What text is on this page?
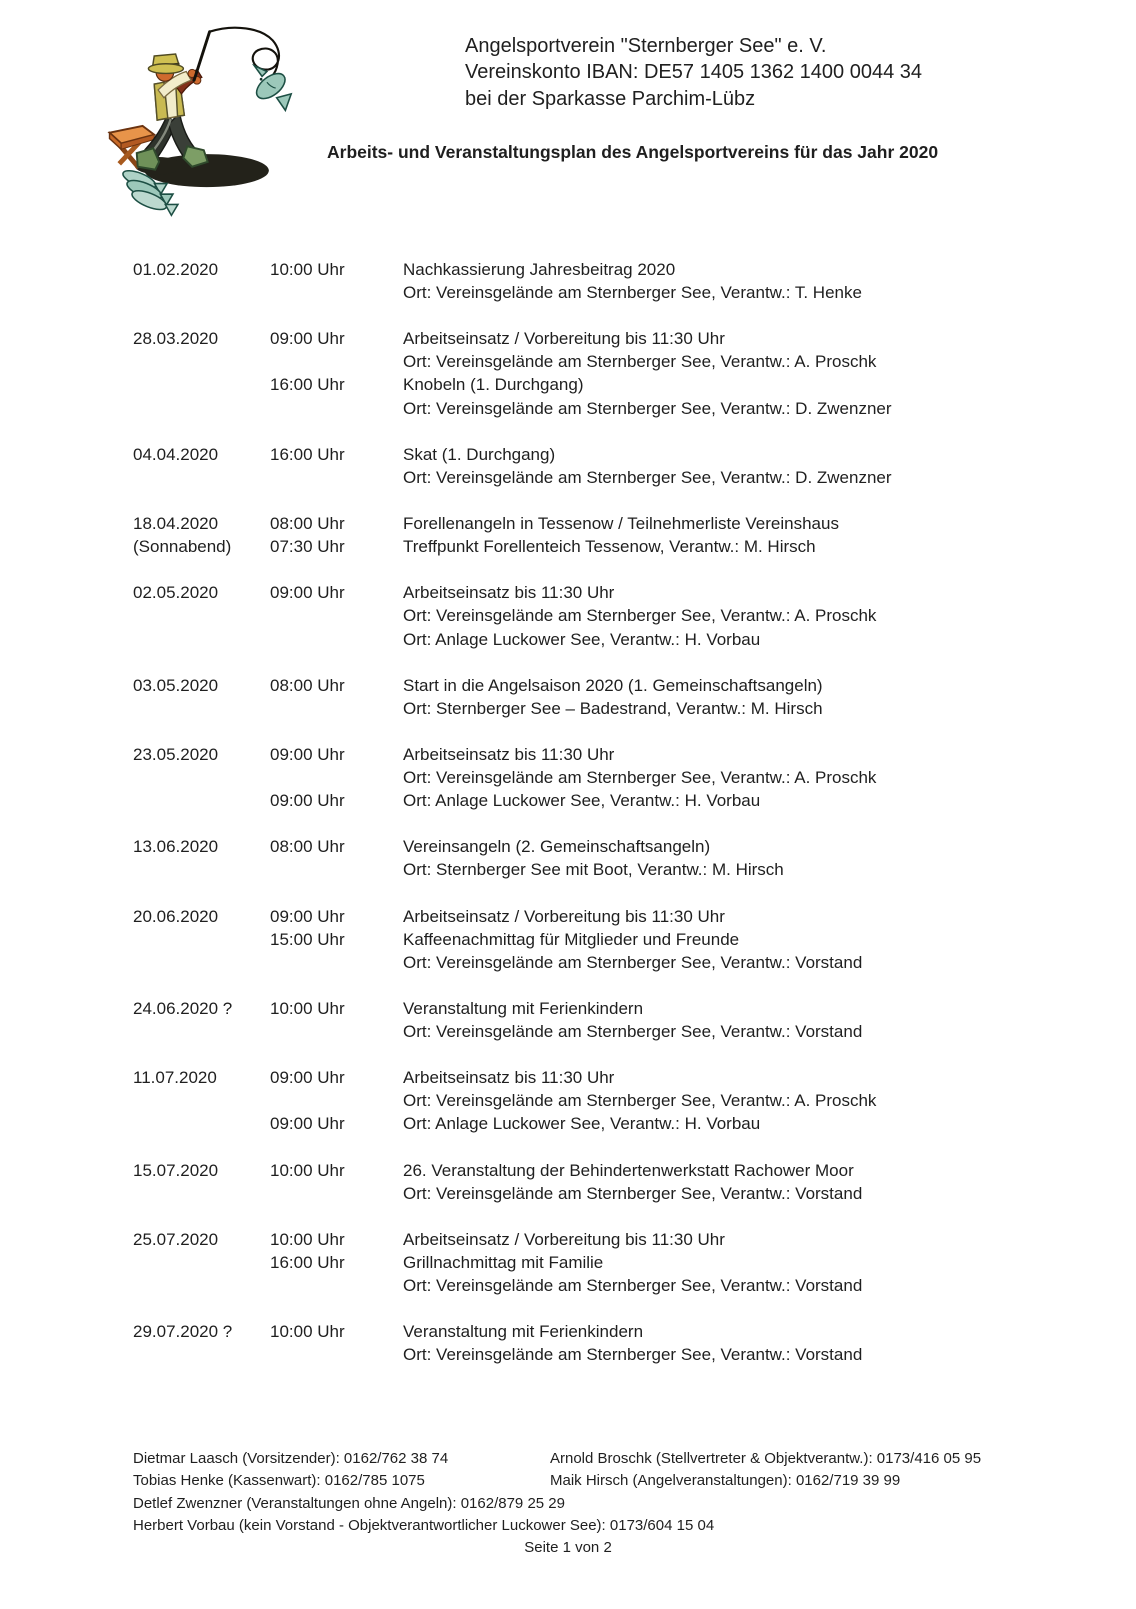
Angelsportverein "Sternberger See" e. V.
Vereinskonto IBAN: DE57 1405 1362 1400 0044 34
bei der Sparkasse Parchim-Lübz
Arbeits- und Veranstaltungsplan des Angelsportvereins für das Jahr 2020
01.02.2020	10:00 Uhr	Nachkassierung Jahresbeitrag 2020
Ort: Vereinsgelände am Sternberger See, Verantw.: T. Henke
28.03.2020	09:00 Uhr	Arbeitseinsatz / Vorbereitung bis 11:30 Uhr
Ort: Vereinsgelände am Sternberger See, Verantw.: A. Proschk
16:00 Uhr	Knobeln (1. Durchgang)
Ort: Vereinsgelände am Sternberger See, Verantw.: D. Zwenzner
04.04.2020	16:00 Uhr	Skat (1. Durchgang)
Ort: Vereinsgelände am Sternberger See, Verantw.: D. Zwenzner
18.04.2020	08:00 Uhr	Forellenangeln in Tessenow / Teilnehmerliste Vereinshaus
(Sonnabend)	07:30 Uhr	Treffpunkt Forellenteich Tessenow, Verantw.: M. Hirsch
02.05.2020	09:00 Uhr	Arbeitseinsatz bis 11:30 Uhr
Ort: Vereinsgelände am Sternberger See, Verantw.: A. Proschk
Ort: Anlage Luckower See, Verantw.: H. Vorbau
03.05.2020	08:00 Uhr	Start in die Angelsaison 2020 (1. Gemeinschaftsangeln)
Ort: Sternberger See – Badestrand, Verantw.: M. Hirsch
23.05.2020	09:00 Uhr	Arbeitseinsatz bis 11:30 Uhr
Ort: Vereinsgelände am Sternberger See, Verantw.: A. Proschk
09:00 Uhr	Ort: Anlage Luckower See, Verantw.: H. Vorbau
13.06.2020	08:00 Uhr	Vereinsangeln (2. Gemeinschaftsangeln)
Ort: Sternberger See mit Boot, Verantw.: M. Hirsch
20.06.2020	09:00 Uhr	Arbeitseinsatz / Vorbereitung bis 11:30 Uhr
15:00 Uhr	Kaffeenachmittag für Mitglieder und Freunde
Ort: Vereinsgelände am Sternberger See, Verantw.: Vorstand
24.06.2020 ?	10:00 Uhr	Veranstaltung mit Ferienkindern
Ort: Vereinsgelände am Sternberger See, Verantw.: Vorstand
11.07.2020	09:00 Uhr	Arbeitseinsatz bis 11:30 Uhr
Ort: Vereinsgelände am Sternberger See, Verantw.: A. Proschk
09:00 Uhr	Ort: Anlage Luckower See, Verantw.: H. Vorbau
15.07.2020	10:00 Uhr	26. Veranstaltung der Behindertenwerkstatt Rachower Moor
Ort: Vereinsgelände am Sternberger See, Verantw.: Vorstand
25.07.2020	10:00 Uhr	Arbeitseinsatz / Vorbereitung bis 11:30 Uhr
16:00 Uhr	Grillnachmittag mit Familie
Ort: Vereinsgelände am Sternberger See, Verantw.: Vorstand
29.07.2020 ?	10:00 Uhr	Veranstaltung mit Ferienkindern
Ort: Vereinsgelände am Sternberger See, Verantw.: Vorstand
Dietmar Laasch (Vorsitzender): 0162/762 38 74	Arnold Broschk (Stellvertreter & Objektverantw.): 0173/416 05 95
Tobias Henke (Kassenwart): 0162/785 1075	Maik Hirsch (Angelveranstaltungen): 0162/719 39 99
Detlef Zwenzner (Veranstaltungen ohne Angeln): 0162/879 25 29
Herbert Vorbau (kein Vorstand - Objektverantwortlicher Luckower See): 0173/604 15 04
Seite 1 von 2
